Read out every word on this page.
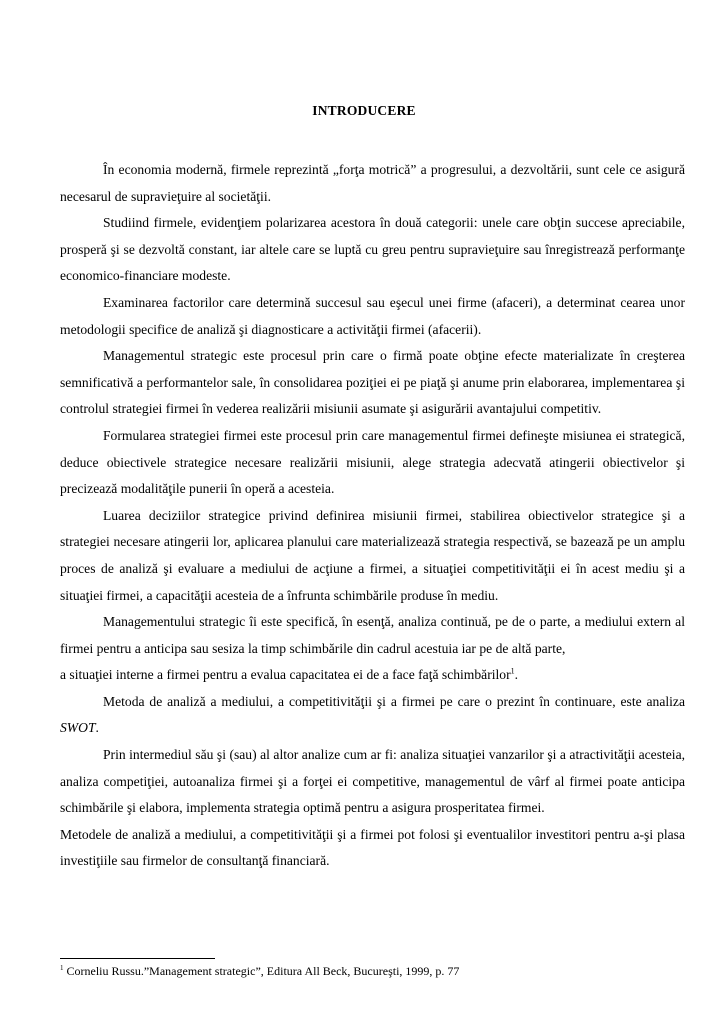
INTRODUCERE

În economia modernă, firmele reprezintă „forţa motrică” a progresului, a dezvoltării, sunt cele ce asigură necesarul de supravieţuire al societăţii.

Studiind firmele, evidenţiem polarizarea acestora în două categorii: unele care obţin succese apreciabile, prosperă şi se dezvoltă constant, iar altele care se luptă cu greu pentru supravieţuire sau înregistrează performanţe economico-financiare modeste.

Examinarea factorilor care determină succesul sau eşecul unei firme (afaceri), a determinat cearea unor metodologii specifice de analiză şi diagnosticare a activităţii firmei (afacerii).

Managementul strategic este procesul prin care o firmă poate obţine efecte materializate în creşterea semnificativă a performantelor sale, în consolidarea poziţiei ei pe piaţă şi anume prin elaborarea, implementarea şi controlul strategiei firmei în vederea realizării misiunii asumate şi asigurării avantajului competitiv.

Formularea strategiei firmei este procesul prin care managementul firmei defineşte misiunea ei strategică, deduce obiectivele strategice necesare realizării misiunii, alege strategia adecvată atingerii obiectivelor şi precizează modalităţile punerii în operă a acesteia.

Luarea deciziilor strategice privind definirea misiunii firmei, stabilirea obiectivelor strategice şi a strategiei necesare atingerii lor, aplicarea planului care materializează strategia respectivă, se bazează pe un amplu proces de analiză şi evaluare a mediului de acţiune a firmei, a situaţiei competitivităţii ei în acest mediu şi a situaţiei firmei, a capacităţii acesteia de a înfrunta schimbările produse în mediu.

Managementului strategic îi este specifică, în esenţă, analiza continuă, pe de o parte, a mediului extern al firmei pentru a anticipa sau sesiza la timp schimbările din cadrul acestuia iar pe de altă parte,

a situaţiei interne a firmei pentru a evalua capacitatea ei de a face faţă schimbărilor$^1$.

Metoda de analiză a mediului, a competitivităţii şi a firmei pe care o prezint în continuare, este analiza SWOT.

Prin intermediul său şi (sau) al altor analize cum ar fi: analiza situaţiei vanzarilor şi a atractivităţii acesteia, analiza competiţiei, autoanaliza firmei şi a forţei ei competitive, managementul de vârf al firmei poate anticipa schimbările şi elabora, implementa strategia optimă pentru a asigura prosperitatea firmei.

Metodele de analiză a mediului, a competitivităţii şi a firmei pot folosi şi eventualilor investitori pentru a-şi plasa investiţiile sau firmelor de consultanţă financiară.

$^1$ Corneliu Russu.”Management strategic”, Editura All Beck, Bucureşti, 1999, p. 77
